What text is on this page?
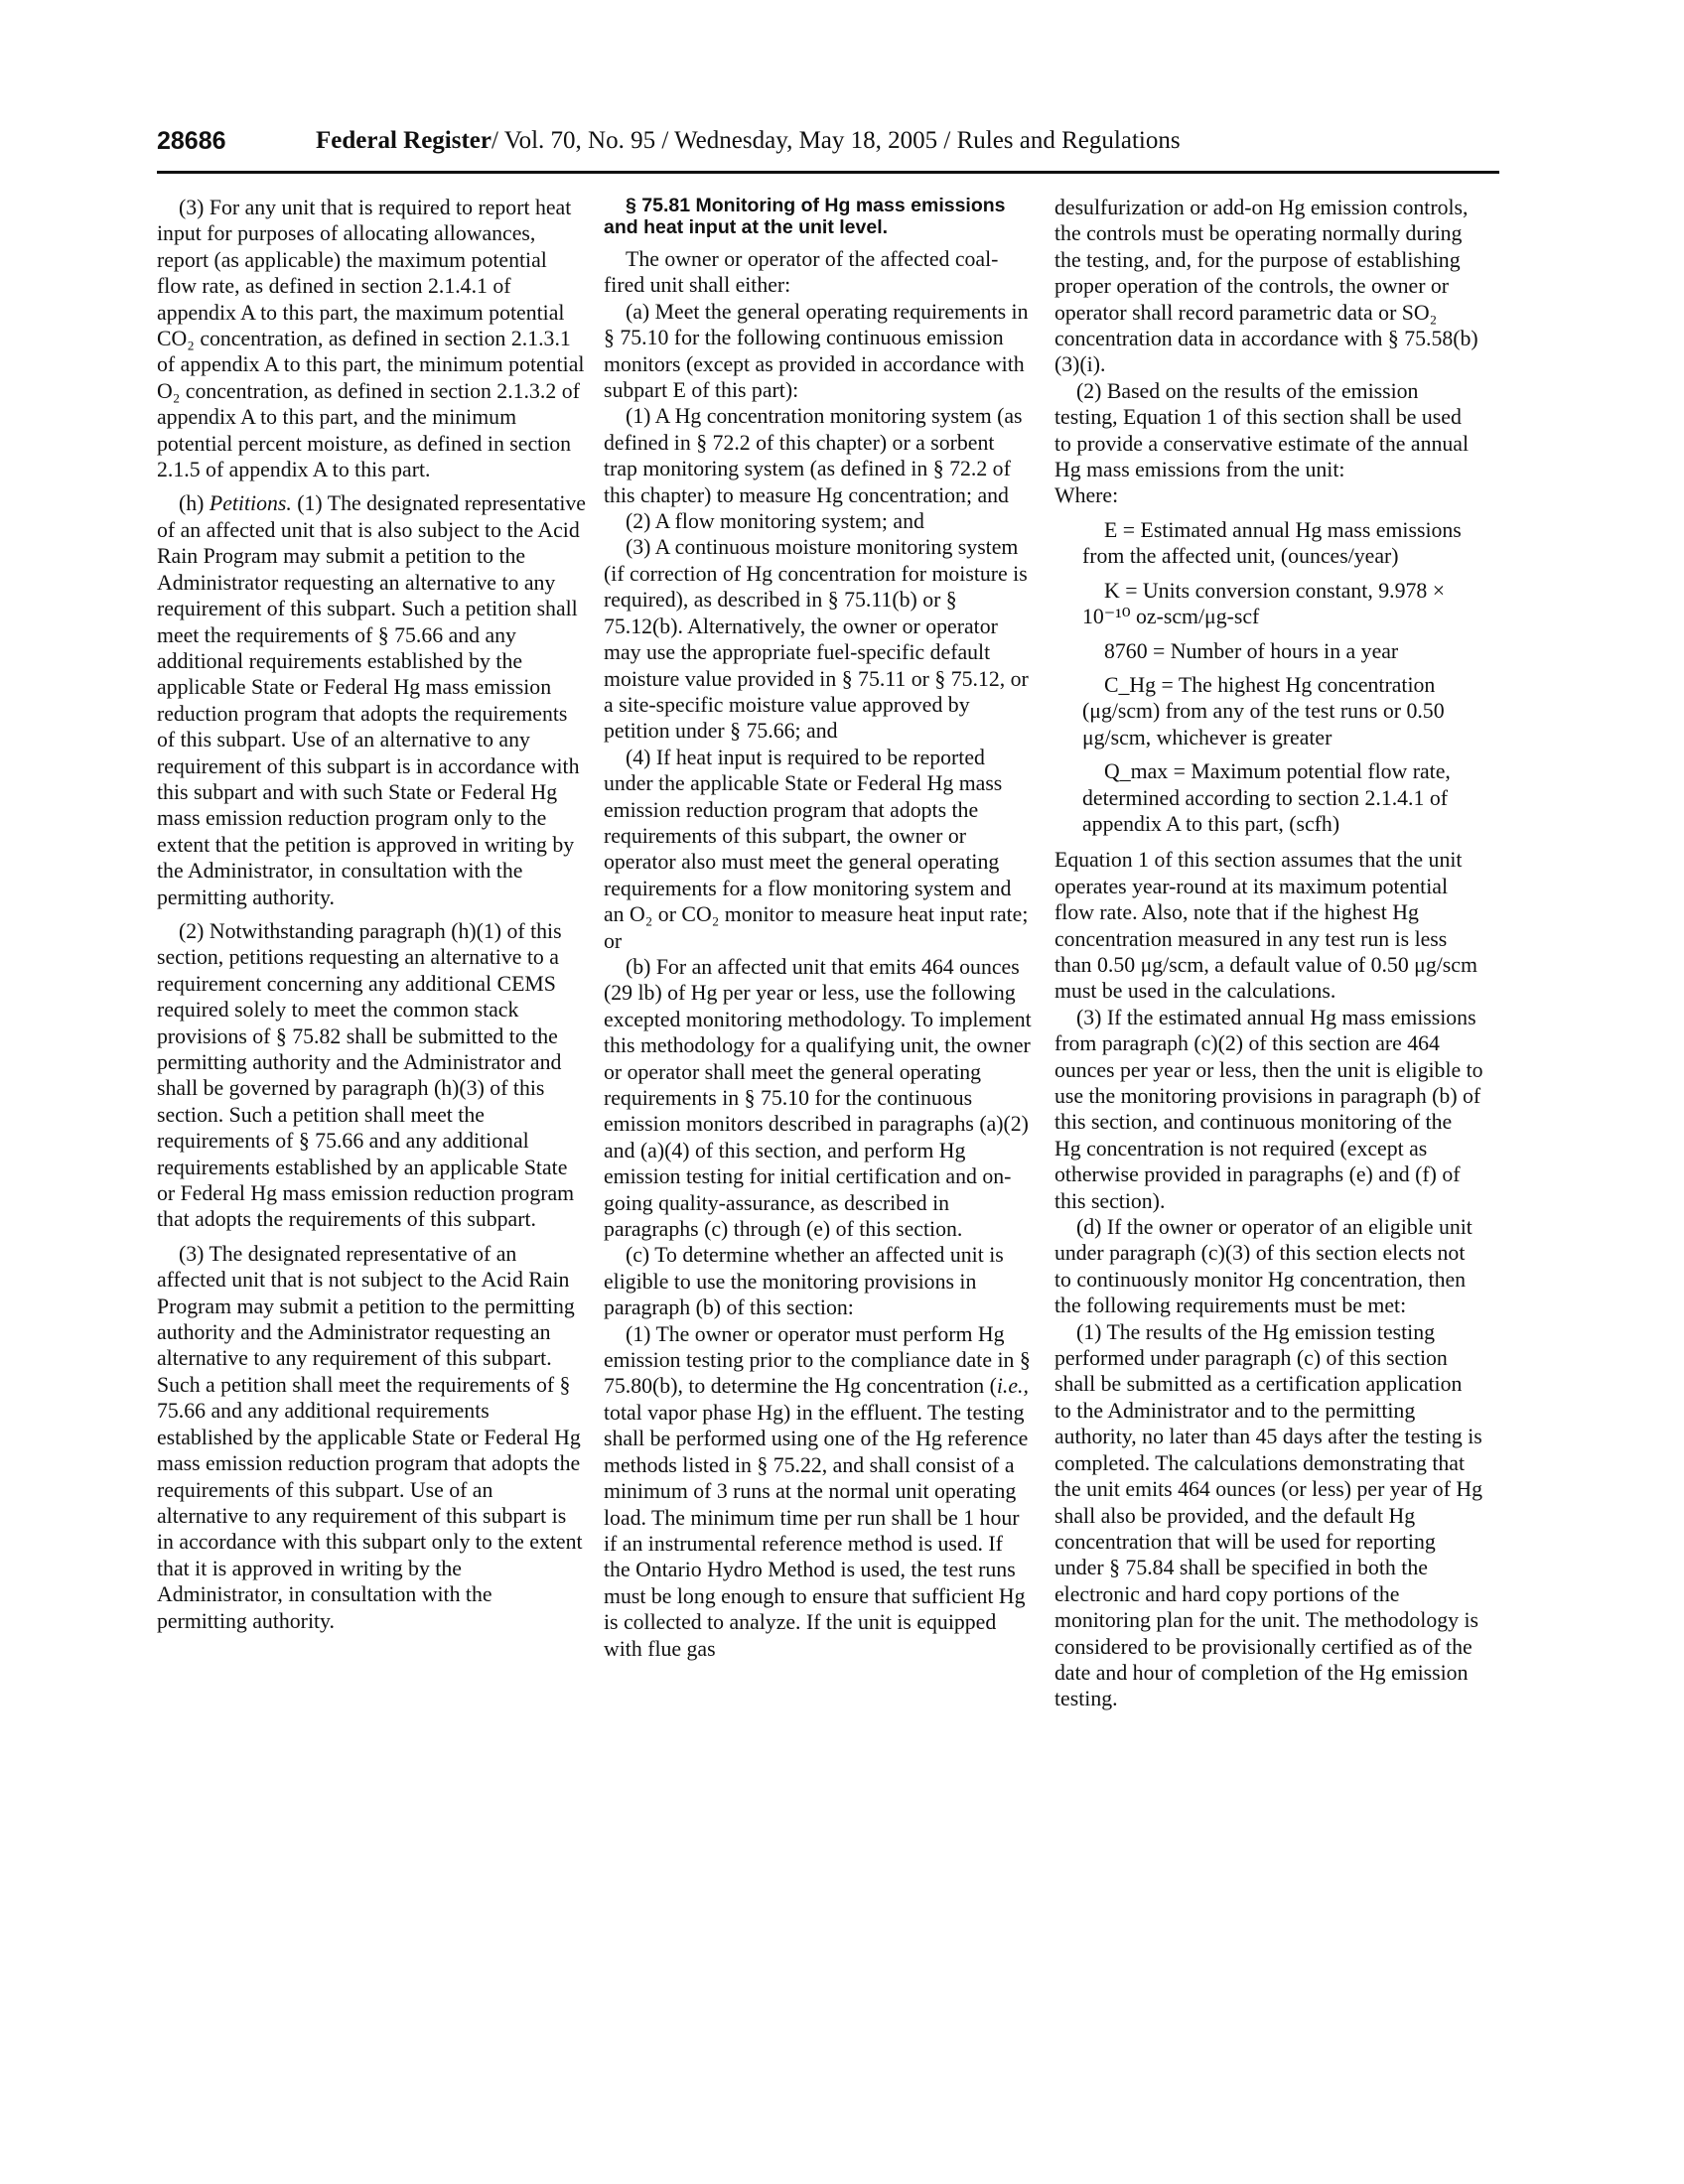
28686	Federal Register/ Vol. 70, No. 95 / Wednesday, May 18, 2005 / Rules and Regulations

(3) For any unit that is required to report heat input for purposes of allocating allowances, report (as applicable) the maximum potential flow rate, as defined in section 2.1.4.1 of appendix A to this part, the maximum potential CO₂ concentration, as defined in section 2.1.3.1 of appendix A to this part, the minimum potential O₂ concentration, as defined in section 2.1.3.2 of appendix A to this part, and the minimum potential percent moisture, as defined in section 2.1.5 of appendix A to this part.

(h) Petitions. (1) The designated representative of an affected unit that is also subject to the Acid Rain Program may submit a petition to the Administrator requesting an alternative to any requirement of this subpart. Such a petition shall meet the requirements of § 75.66 and any additional requirements established by the applicable State or Federal Hg mass emission reduction program that adopts the requirements of this subpart. Use of an alternative to any requirement of this subpart is in accordance with this subpart and with such State or Federal Hg mass emission reduction program only to the extent that the petition is approved in writing by the Administrator, in consultation with the permitting authority.

(2) Notwithstanding paragraph (h)(1) of this section, petitions requesting an alternative to a requirement concerning any additional CEMS required solely to meet the common stack provisions of § 75.82 shall be submitted to the permitting authority and the Administrator and shall be governed by paragraph (h)(3) of this section. Such a petition shall meet the requirements of § 75.66 and any additional requirements established by an applicable State or Federal Hg mass emission reduction program that adopts the requirements of this subpart.

(3) The designated representative of an affected unit that is not subject to the Acid Rain Program may submit a petition to the permitting authority and the Administrator requesting an alternative to any requirement of this subpart. Such a petition shall meet the requirements of § 75.66 and any additional requirements established by the applicable State or Federal Hg mass emission reduction program that adopts the requirements of this subpart. Use of an alternative to any requirement of this subpart is in accordance with this subpart only to the extent that it is approved in writing by the Administrator, in consultation with the permitting authority.

§ 75.81 Monitoring of Hg mass emissions and heat input at the unit level.

The owner or operator of the affected coal-fired unit shall either:

(a) Meet the general operating requirements in § 75.10 for the following continuous emission monitors (except as provided in accordance with subpart E of this part):

(1) A Hg concentration monitoring system (as defined in § 72.2 of this chapter) or a sorbent trap monitoring system (as defined in § 72.2 of this chapter) to measure Hg concentration; and

(2) A flow monitoring system; and

(3) A continuous moisture monitoring system (if correction of Hg concentration for moisture is required), as described in § 75.11(b) or § 75.12(b). Alternatively, the owner or operator may use the appropriate fuel-specific default moisture value provided in § 75.11 or § 75.12, or a site-specific moisture value approved by petition under § 75.66; and

(4) If heat input is required to be reported under the applicable State or Federal Hg mass emission reduction program that adopts the requirements of this subpart, the owner or operator also must meet the general operating requirements for a flow monitoring system and an O₂ or CO₂ monitor to measure heat input rate; or

(b) For an affected unit that emits 464 ounces (29 lb) of Hg per year or less, use the following excepted monitoring methodology. To implement this methodology for a qualifying unit, the owner or operator shall meet the general operating requirements in § 75.10 for the continuous emission monitors described in paragraphs (a)(2) and (a)(4) of this section, and perform Hg emission testing for initial certification and on-going quality-assurance, as described in paragraphs (c) through (e) of this section.

(c) To determine whether an affected unit is eligible to use the monitoring provisions in paragraph (b) of this section:

(1) The owner or operator must perform Hg emission testing prior to the compliance date in § 75.80(b), to determine the Hg concentration (i.e., total vapor phase Hg) in the effluent. The testing shall be performed using one of the Hg reference methods listed in § 75.22, and shall consist of a minimum of 3 runs at the normal unit operating load. The minimum time per run shall be 1 hour if an instrumental reference method is used. If the Ontario Hydro Method is used, the test runs must be long enough to ensure that sufficient Hg is collected to analyze. If the unit is equipped with flue gas

desulfurization or add-on Hg emission controls, the controls must be operating normally during the testing, and, for the purpose of establishing proper operation of the controls, the owner or operator shall record parametric data or SO₂ concentration data in accordance with § 75.58(b)(3)(i).

(2) Based on the results of the emission testing, Equation 1 of this section shall be used to provide a conservative estimate of the annual Hg mass emissions from the unit:

Where:

E = Estimated annual Hg mass emissions from the affected unit, (ounces/year)

K = Units conversion constant, 9.978 × 10⁻¹⁰ oz-scm/μg-scf

8760 = Number of hours in a year

C_Hg = The highest Hg concentration (μg/scm) from any of the test runs or 0.50 μg/scm, whichever is greater

Q_max = Maximum potential flow rate, determined according to section 2.1.4.1 of appendix A to this part, (scfh)

Equation 1 of this section assumes that the unit operates year-round at its maximum potential flow rate. Also, note that if the highest Hg concentration measured in any test run is less than 0.50 μg/scm, a default value of 0.50 μg/scm must be used in the calculations.

(3) If the estimated annual Hg mass emissions from paragraph (c)(2) of this section are 464 ounces per year or less, then the unit is eligible to use the monitoring provisions in paragraph (b) of this section, and continuous monitoring of the Hg concentration is not required (except as otherwise provided in paragraphs (e) and (f) of this section).

(d) If the owner or operator of an eligible unit under paragraph (c)(3) of this section elects not to continuously monitor Hg concentration, then the following requirements must be met:

(1) The results of the Hg emission testing performed under paragraph (c) of this section shall be submitted as a certification application to the Administrator and to the permitting authority, no later than 45 days after the testing is completed. The calculations demonstrating that the unit emits 464 ounces (or less) per year of Hg shall also be provided, and the default Hg concentration that will be used for reporting under § 75.84 shall be specified in both the electronic and hard copy portions of the monitoring plan for the unit. The methodology is considered to be provisionally certified as of the date and hour of completion of the Hg emission testing.
